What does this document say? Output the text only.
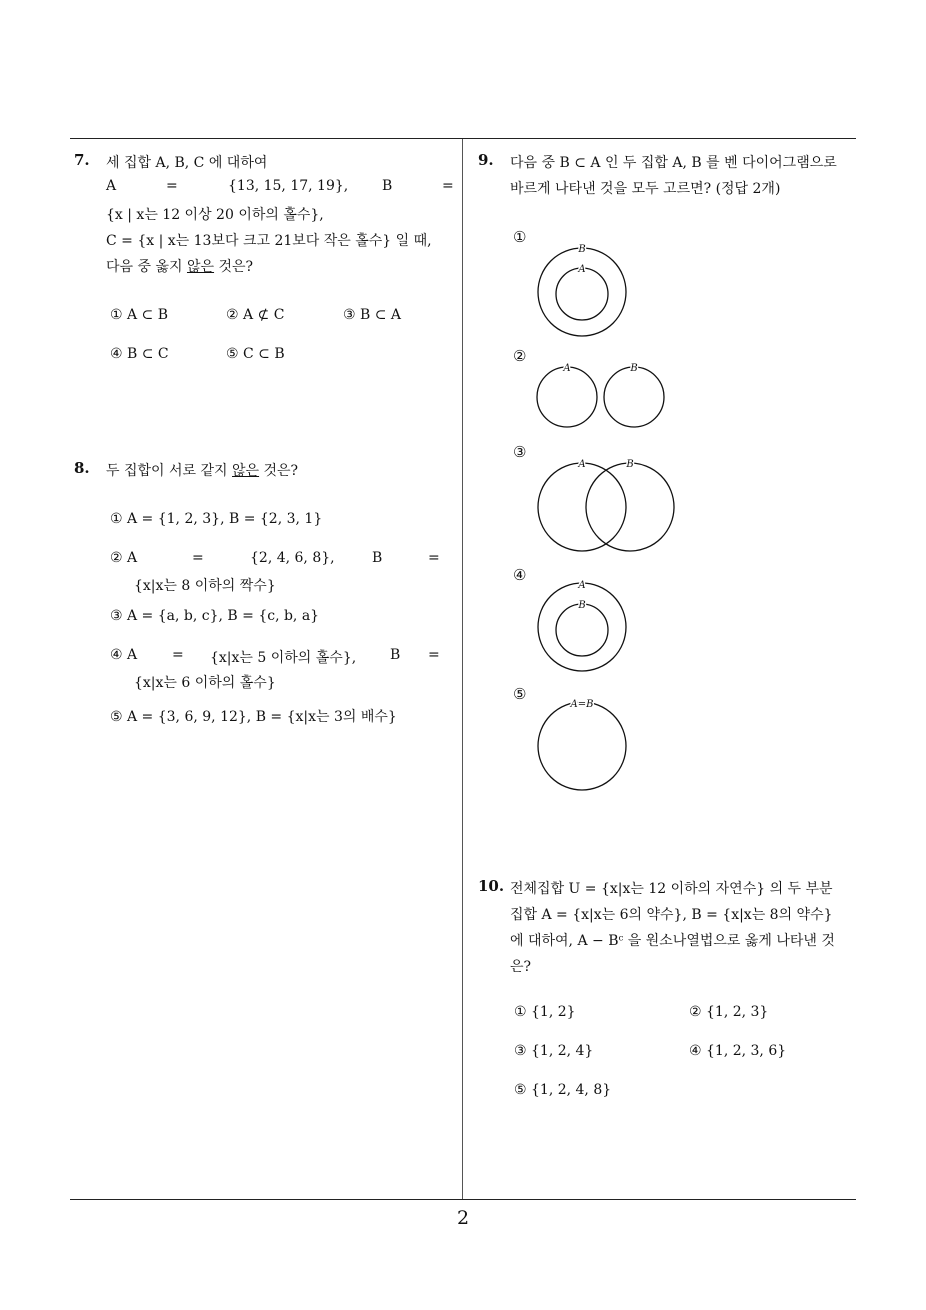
7. 세 집합 A, B, C 에 대하여
A	=	{13, 15, 17, 19}, B	=
{x | x는 12 이상 20 이하의 홀수},
C = {x | x는 13보다 크고 21보다 작은 홀수} 일 때,
다음 중 옳지 않은 것은?
① A ⊂ B	② A ⊄ C	③ B ⊂ A
④ B ⊂ C	⑤ C ⊂ B
8. 두 집합이 서로 같지 않은 것은?
① A = {1, 2, 3}, B = {2, 3, 1}
② A	=	{2, 4, 6, 8},	B	=
{x|x는 8 이하의 짝수}
③ A = {a, b, c}, B = {c, b, a}
④ A = {x|x는 5 이하의 홀수}, B =
{x|x는 6 이하의 홀수}
⑤ A = {3, 6, 9, 12}, B = {x|x는 3의 배수}
9. 다음 중 B ⊂ A 인 두 집합 A, B 를 벤 다이어그램으로
바르게 나타낸 것을 모두 고르면? (정답 2개)
①
②
③
④
⑤
B
A
A	B
A	B
A
B
A=B
10. 전체집합 U = {x|x는 12 이하의 자연수} 의 두 부분
집합 A = {x|x는 6의 약수}, B = {x|x는 8의 약수}
에 대하여, A − Bᶜ 을 원소나열법으로 옳게 나타낸 것
은?
① {1, 2}	② {1, 2, 3}
③ {1, 2, 4}	④ {1, 2, 3, 6}
⑤ {1, 2, 4, 8}
2
